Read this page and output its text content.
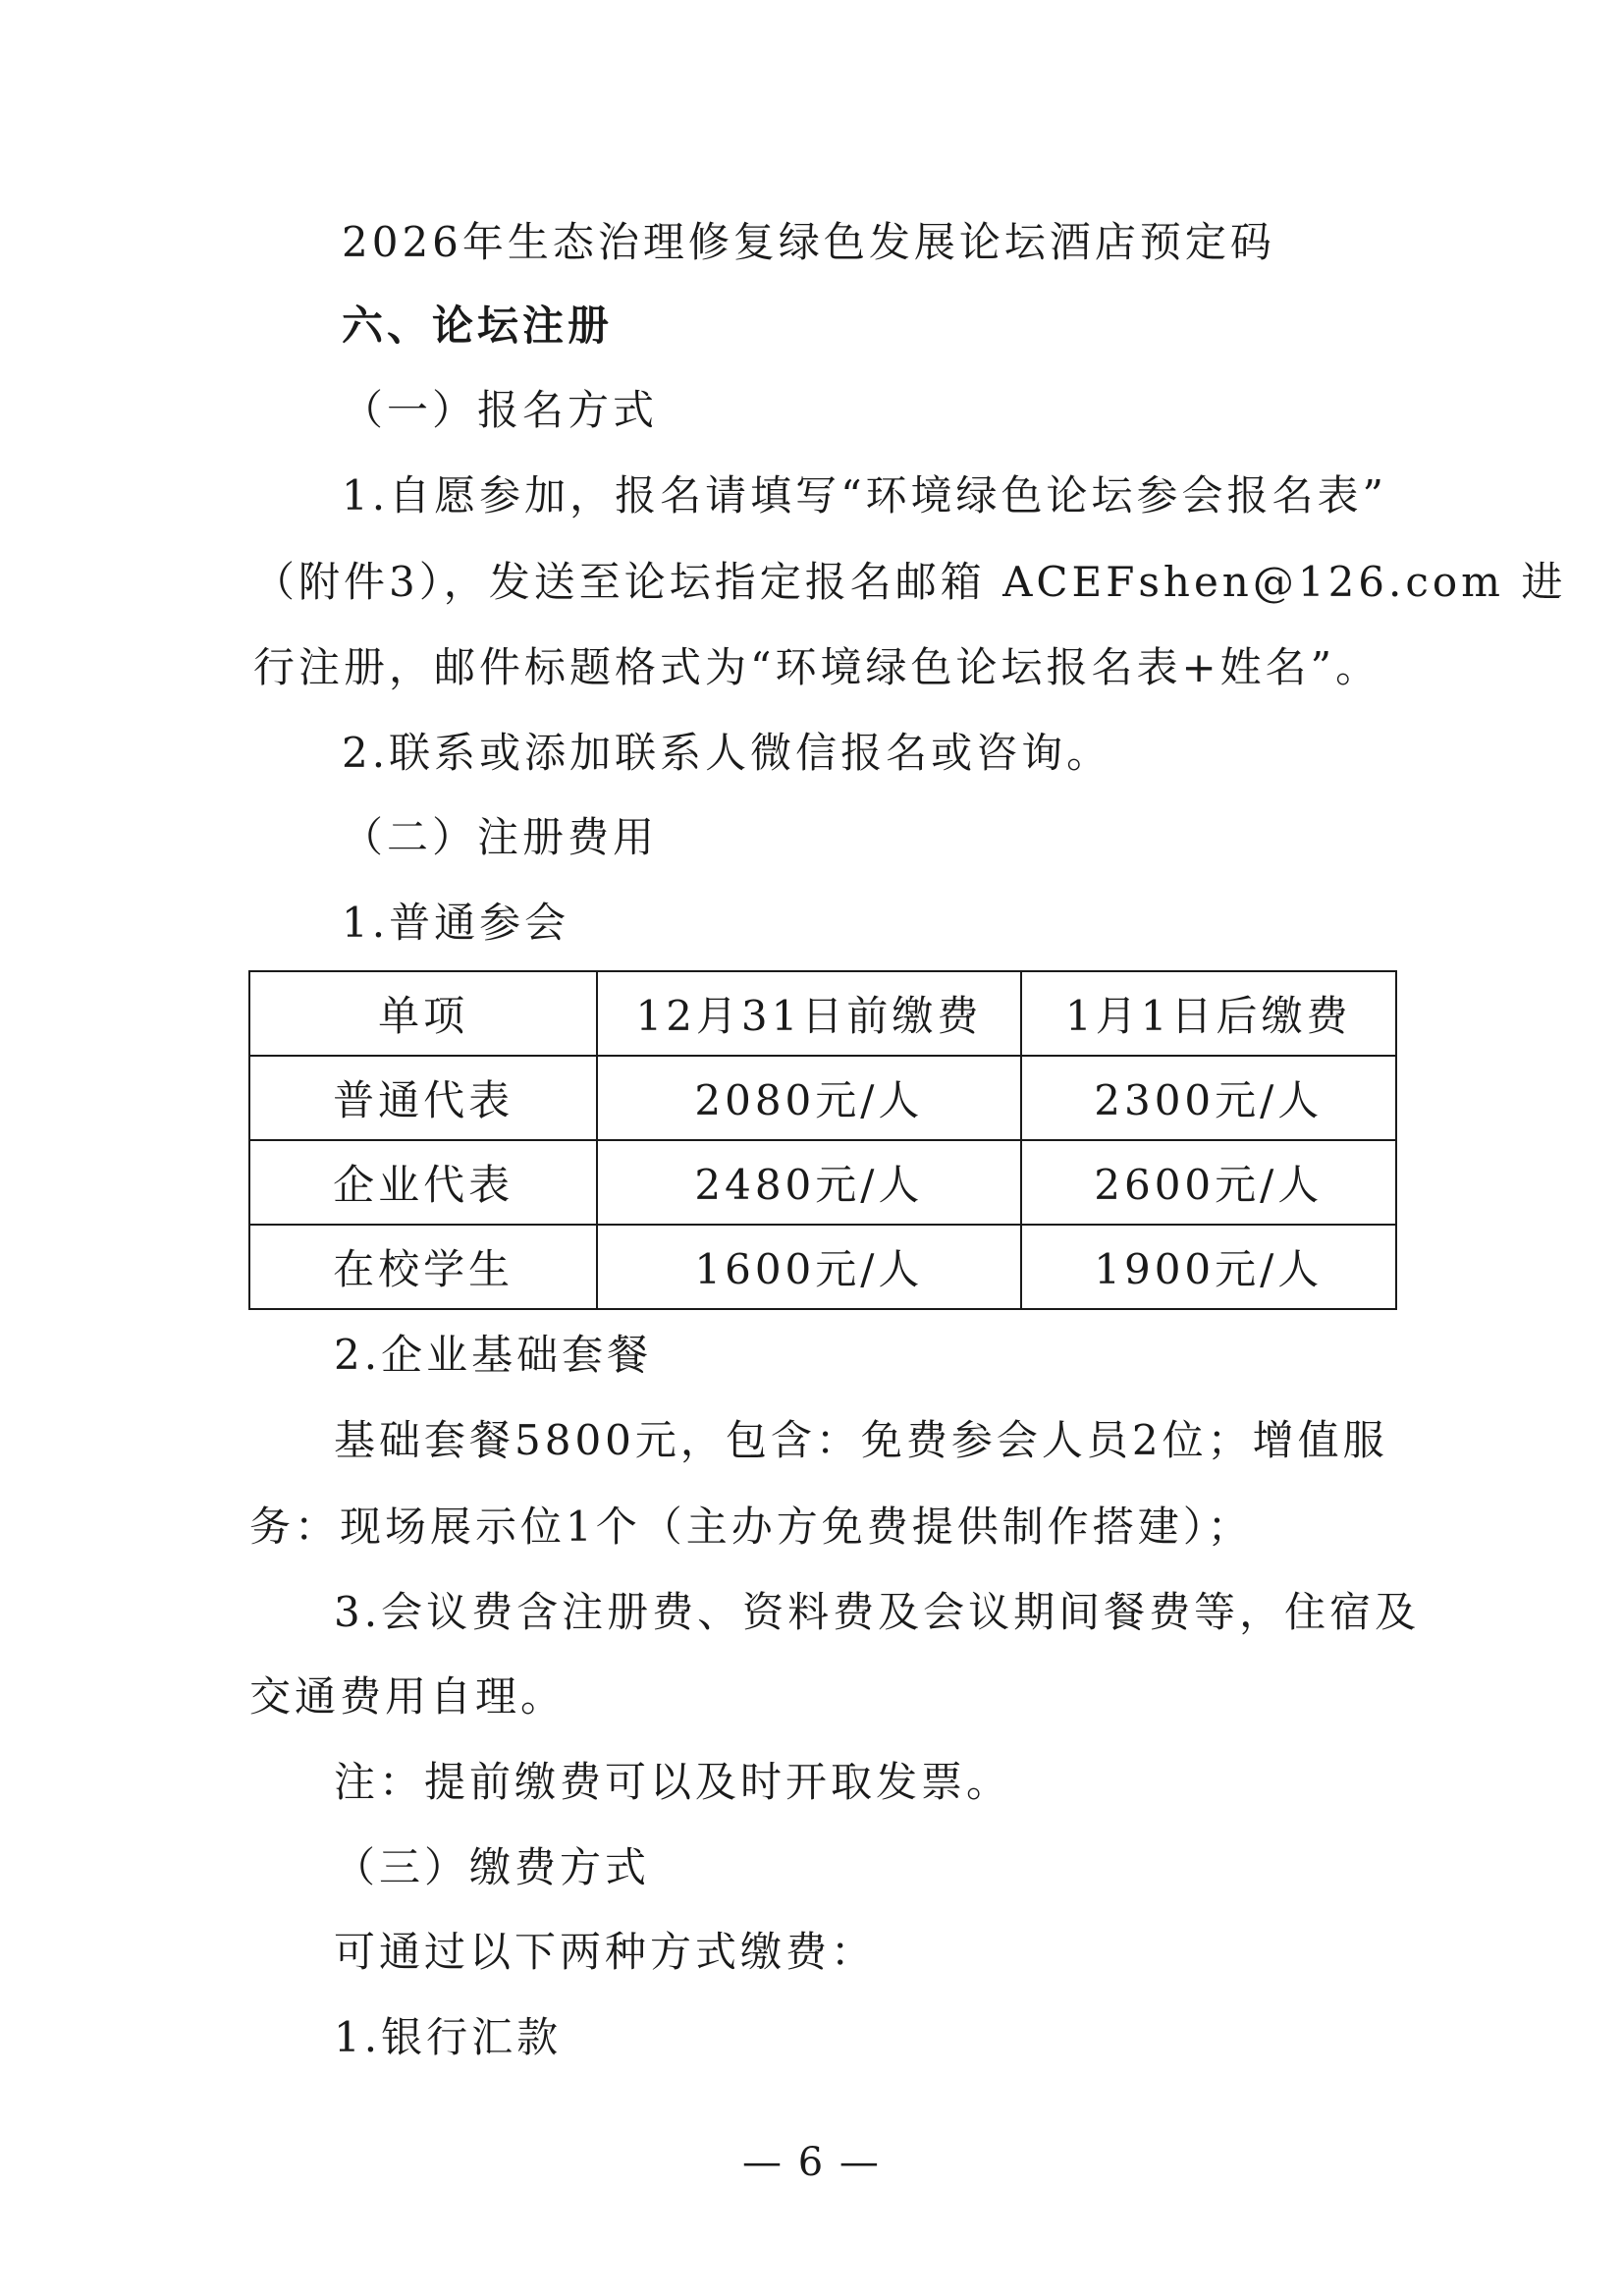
2026年生态治理修复绿色发展论坛酒店预定码
六、论坛注册
（一）报名方式
1.自愿参加，报名请填写“环境绿色论坛参会报名表”
（附件3），发送至论坛指定报名邮箱 ACEFshen@126.com 进
行注册，邮件标题格式为“环境绿色论坛报名表+姓名”。
2.联系或添加联系人微信报名或咨询。
（二）注册费用
1.普通参会
单项	12月31日前缴费	1月1日后缴费
普通代表	2080元/人	2300元/人
企业代表	2480元/人	2600元/人
在校学生	1600元/人	1900元/人
2.企业基础套餐
基础套餐5800元，包含：免费参会人员2位；增值服
务：现场展示位1个（主办方免费提供制作搭建）；
3.会议费含注册费、资料费及会议期间餐费等，住宿及
交通费用自理。
注：提前缴费可以及时开取发票。
（三）缴费方式
可通过以下两种方式缴费：
1.银行汇款
— 6 —
